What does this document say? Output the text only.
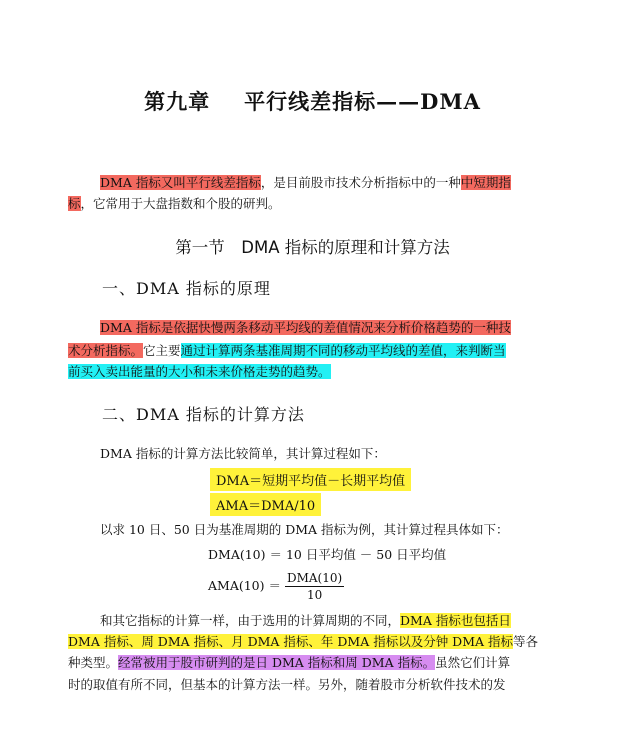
第九章 平行线差指标——DMA
DMA 指标又叫平行线差指标，是目前股市技术分析指标中的一种中短期指
标，它常用于大盘指数和个股的研判。
第一节　DMA 指标的原理和计算方法
一、DMA 指标的原理
DMA 指标是依据快慢两条移动平均线的差值情况来分析价格趋势的一种技
术分析指标。它主要通过计算两条基准周期不同的移动平均线的差值，来判断当
前买入卖出能量的大小和未来价格走势的趋势。
二、DMA 指标的计算方法
DMA 指标的计算方法比较简单，其计算过程如下：
DMA＝短期平均值－长期平均值
AMA＝DMA/10
以求 10 日、50 日为基准周期的 DMA 指标为例，其计算过程具体如下：
DMA(10) ＝ 10 日平均值 － 50 日平均值
$AMA(10) = \frac{\text{DMA(10)}}{10}$
和其它指标的计算一样，由于选用的计算周期的不同，DMA 指标也包括日
DMA 指标、周 DMA 指标、月 DMA 指标、年 DMA 指标以及分钟 DMA 指标等各
种类型。经常被用于股市研判的是日 DMA 指标和周 DMA 指标。虽然它们计算
时的取值有所不同，但基本的计算方法一样。另外，随着股市分析软件技术的发
